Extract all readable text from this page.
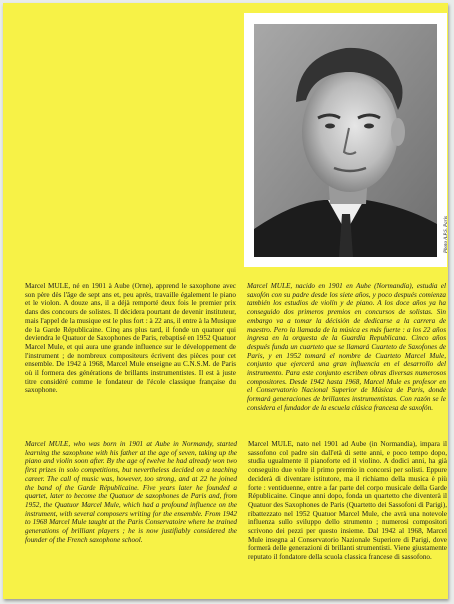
Photo A.P.S. Paris

Marcel MULE, né en 1901 à Aube (Orne), apprend le saxophone avec son père dès l'âge de sept ans et, peu après, travaille également le piano et le violon. A douze ans, il a déjà remporté deux fois le premier prix dans des concours de solistes. Il décidera pourtant de devenir instituteur, mais l'appel de la musique est le plus fort : à 22 ans, il entre à la Musique de la Garde Républicaine. Cinq ans plus tard, il fonde un quatuor qui deviendra le Quatuor de Saxophones de Paris, rebaptisé en 1952 Quatuor Marcel Mule, et qui aura une grande influence sur le développement de l'instrument ; de nombreux compositeurs écrivent des pièces pour cet ensemble. De 1942 à 1968, Marcel Mule enseigne au C.N.S.M. de Paris où il formera des générations de brillants instrumentistes. Il est à juste titre considéré comme le fondateur de l'école classique française du saxophone.

Marcel MULE, nacido en 1901 en Aube (Normandía), estudia el saxofón con su padre desde los siete años, y poco después comienza también los estudios de violín y de piano. A los doce años ya ha conseguido dos primeros premios en concursos de solistas. Sin embargo va a tomar la décisión de dedicarse a la carrera de maestro. Pero la llamada de la música es más fuerte : a los 22 años ingresa en la orquesta de la Guardia Republicana. Cinco años después funda un cuarteto que se llamará Cuarteto de Saxofones de Paris, y en 1952 tomará el nombre de Cuarteto Marcel Mule, conjunto que ejercerá una gran influencia en el desarrollo del instrumento. Para este conjunto escriben obras diversas numerosos compositores. Desde 1942 hasta 1968, Marcel Mule es profesor en el Conservatorio Nacional Superior de Música de Paris, donde formará generaciones de brillantes instrumentistas. Con razón se le considera el fundador de la escuela clásica francesa de saxofón.

Marcel MULE, who was born in 1901 at Aube in Normandy, started learning the saxophone with his father at the age of seven, taking up the piano and violin soon after. By the age of twelve he had already won two first prizes in solo competitions, but nevertheless decided on a teaching career. The call of music was, however, too strong, and at 22 he joined the band of the Garde Républicaine. Five years later he founded a quartet, later to become the Quatuor de saxophones de Paris and, from 1952, the Quatuor Marcel Mule, which had a profound influence on the instrument, with several composers writing for the ensemble. From 1942 to 1968 Marcel Mule taught at the Paris Conservatoire where he trained generations of brilliant players ; he is now justifiably considered the founder of the French saxophone school.

Marcel MULE, nato nel 1901 ad Aube (in Normandia), impara il sassofono col padre sin dall'età di sette anni, e poco tempo dopo, studia ugualmente il pianoforte ed il violino. A dodici anni, ha già conseguito due volte il primo premio in concorsi per solisti. Eppure deciderà di diventare istitutore, ma il richiamo della musica è più forte : ventiduenne, entre a far parte del corpo musicale della Garde Républicaine. Cinque anni dopo, fonda un quartetto che diventerà il Quatuor des Saxophones de Paris (Quartetto dei Sassofoni di Parigi), ribattezzato nel 1952 Quatuor Marcel Mule, che avrà una notevole influenza sullo sviluppo dello strumento ; numerosi compositori scrivono dei pezzi per questo insieme. Dal 1942 al 1968, Marcel Mule insegna al Conservatorio Nazionale Superiore di Parigi, dove formerà delle generazioni di brillanti strumentisti. Viene giustamente reputato il fondatore della scuola classica francese di sassofono.
